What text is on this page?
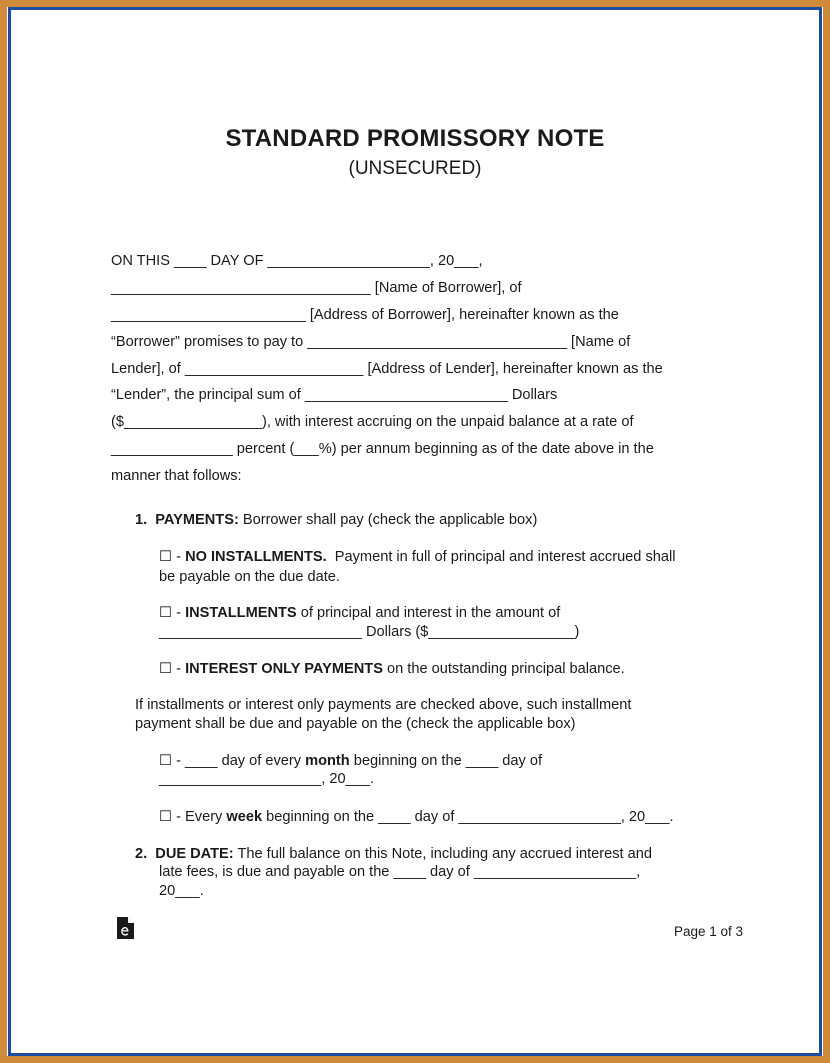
STANDARD PROMISSORY NOTE
(UNSECURED)
ON THIS ____ DAY OF ____________________, 20___,
________________________________ [Name of Borrower], of
________________________ [Address of Borrower], hereinafter known as the
“Borrower” promises to pay to ________________________________ [Name of
Lender], of ______________________ [Address of Lender], hereinafter known as the
“Lender”, the principal sum of _________________________ Dollars
($_________________), with interest accruing on the unpaid balance at a rate of
_______________ percent (___%) per annum beginning as of the date above in the
manner that follows:
1. PAYMENTS: Borrower shall pay (check the applicable box)
☐ - NO INSTALLMENTS.  Payment in full of principal and interest accrued shall
be payable on the due date.
☐ - INSTALLMENTS of principal and interest in the amount of
_________________________ Dollars ($__________________)
☐ - INTEREST ONLY PAYMENTS on the outstanding principal balance.
If installments or interest only payments are checked above, such installment
payment shall be due and payable on the (check the applicable box)
☐ - ____ day of every month beginning on the ____ day of
____________________, 20___.
☐ - Every week beginning on the ____ day of ____________________, 20___.
2. DUE DATE: The full balance on this Note, including any accrued interest and
late fees, is due and payable on the ____ day of ____________________,
20___.
Page 1 of 3
